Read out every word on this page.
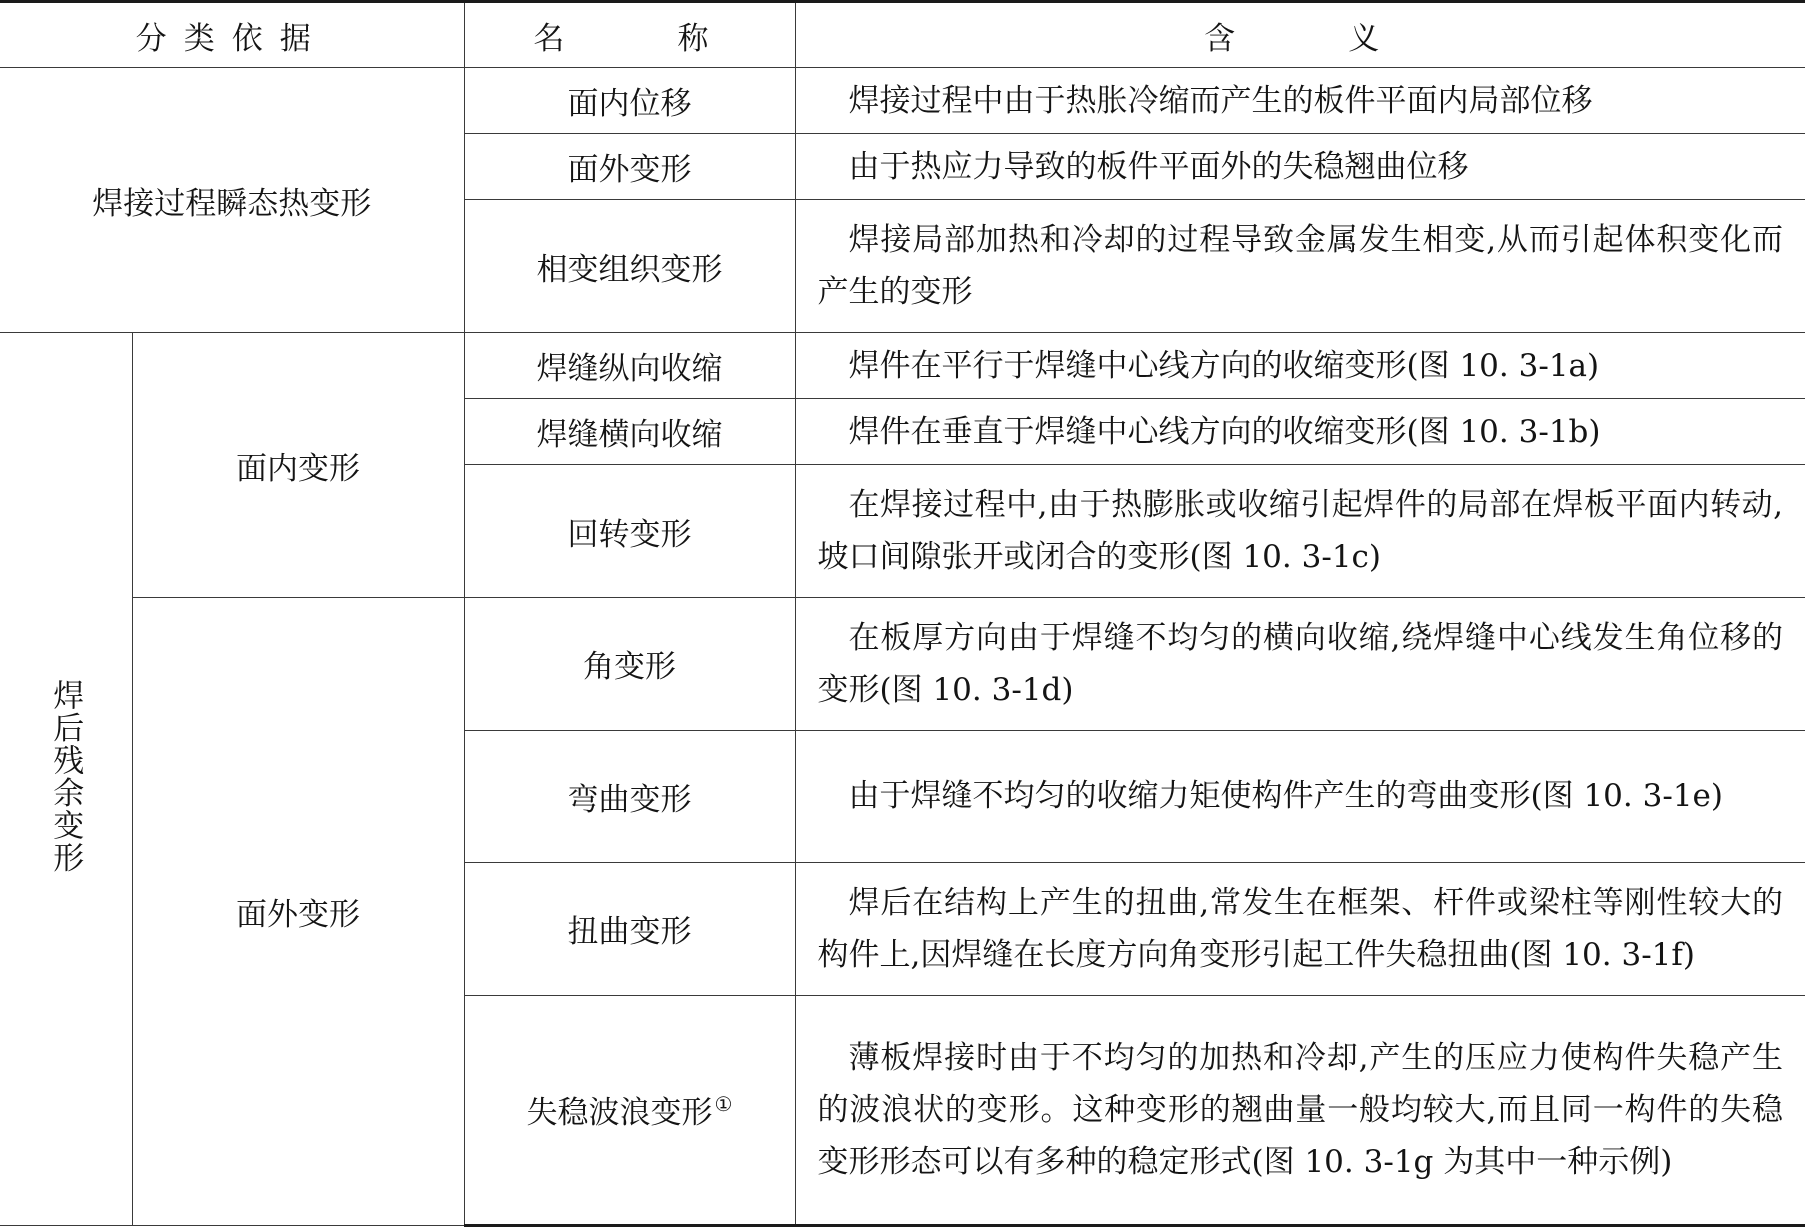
分类依据		名　　称	含　　义
焊接过程瞬态热变形		面内位移	焊接过程中由于热胀冷缩而产生的板件平面内局部位移

		面外变形	由于热应力导致的板件平面外的失稳翘曲位移

		相变组织变形	焊接局部加热和冷却的过程导致金属发生相变,从而引起体积变化而产生的变形

焊后残余变形	面内变形	焊缝纵向收缩	焊件在平行于焊缝中心线方向的收缩变形(图 10. 3-1a)

		焊缝横向收缩	焊件在垂直于焊缝中心线方向的收缩变形(图 10. 3-1b)

		回转变形	在焊接过程中,由于热膨胀或收缩引起焊件的局部在焊板平面内转动,坡口间隙张开或闭合的变形(图 10. 3-1c)

	面外变形	角变形	在板厚方向由于焊缝不均匀的横向收缩,绕焊缝中心线发生角位移的变形(图 10. 3-1d)

		弯曲变形	由于焊缝不均匀的收缩力矩使构件产生的弯曲变形(图 10. 3-1e)

		扭曲变形	焊后在结构上产生的扭曲,常发生在框架、杆件或梁柱等刚性较大的构件上,因焊缝在长度方向角变形引起工件失稳扭曲(图 10. 3-1f)

		失稳波浪变形 ①	薄板焊接时由于不均匀的加热和冷却,产生的压应力使构件失稳产生的波浪状的变形。这种变形的翘曲量一般均较大,而且同一构件的失稳变形形态可以有多种的稳定形式(图 10. 3-1g 为其中一种示例)
